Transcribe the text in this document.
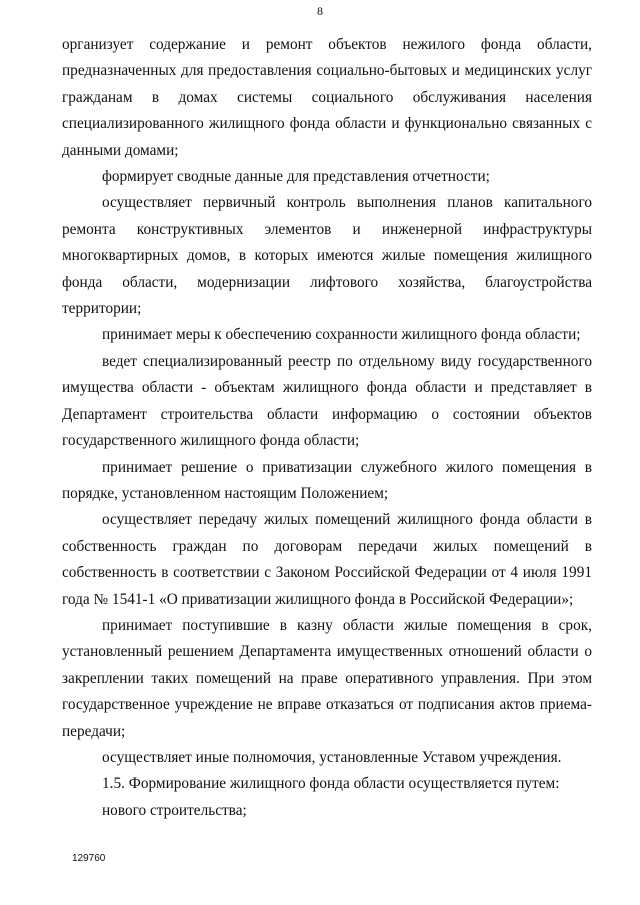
8

организует содержание и ремонт объектов нежилого фонда области, предназначенных для предоставления социально-бытовых и медицинских услуг гражданам в домах системы социального обслуживания населения специализированного жилищного фонда области и функционально связанных с данными домами;

формирует сводные данные для представления отчетности;

осуществляет первичный контроль выполнения планов капитального ремонта конструктивных элементов и инженерной инфраструктуры многоквартирных домов, в которых имеются жилые помещения жилищного фонда области, модернизации лифтового хозяйства, благоустройства территории;

принимает меры к обеспечению сохранности жилищного фонда области;

ведет специализированный реестр по отдельному виду государственного имущества области - объектам жилищного фонда области и представляет в Департамент строительства области информацию о состоянии объектов государственного жилищного фонда области;

принимает решение о приватизации служебного жилого помещения в порядке, установленном настоящим Положением;

осуществляет передачу жилых помещений жилищного фонда области в собственность граждан по договорам передачи жилых помещений в собственность в соответствии с Законом Российской Федерации от 4 июля 1991 года № 1541-1 «О приватизации жилищного фонда в Российской Федерации»;

принимает поступившие в казну области жилые помещения в срок, установленный решением Департамента имущественных отношений области о закреплении таких помещений на праве оперативного управления. При этом государственное учреждение не вправе отказаться от подписания актов приема-передачи;

осуществляет иные полномочия, установленные Уставом учреждения.

1.5. Формирование жилищного фонда области осуществляется путем:

нового строительства;

129760
